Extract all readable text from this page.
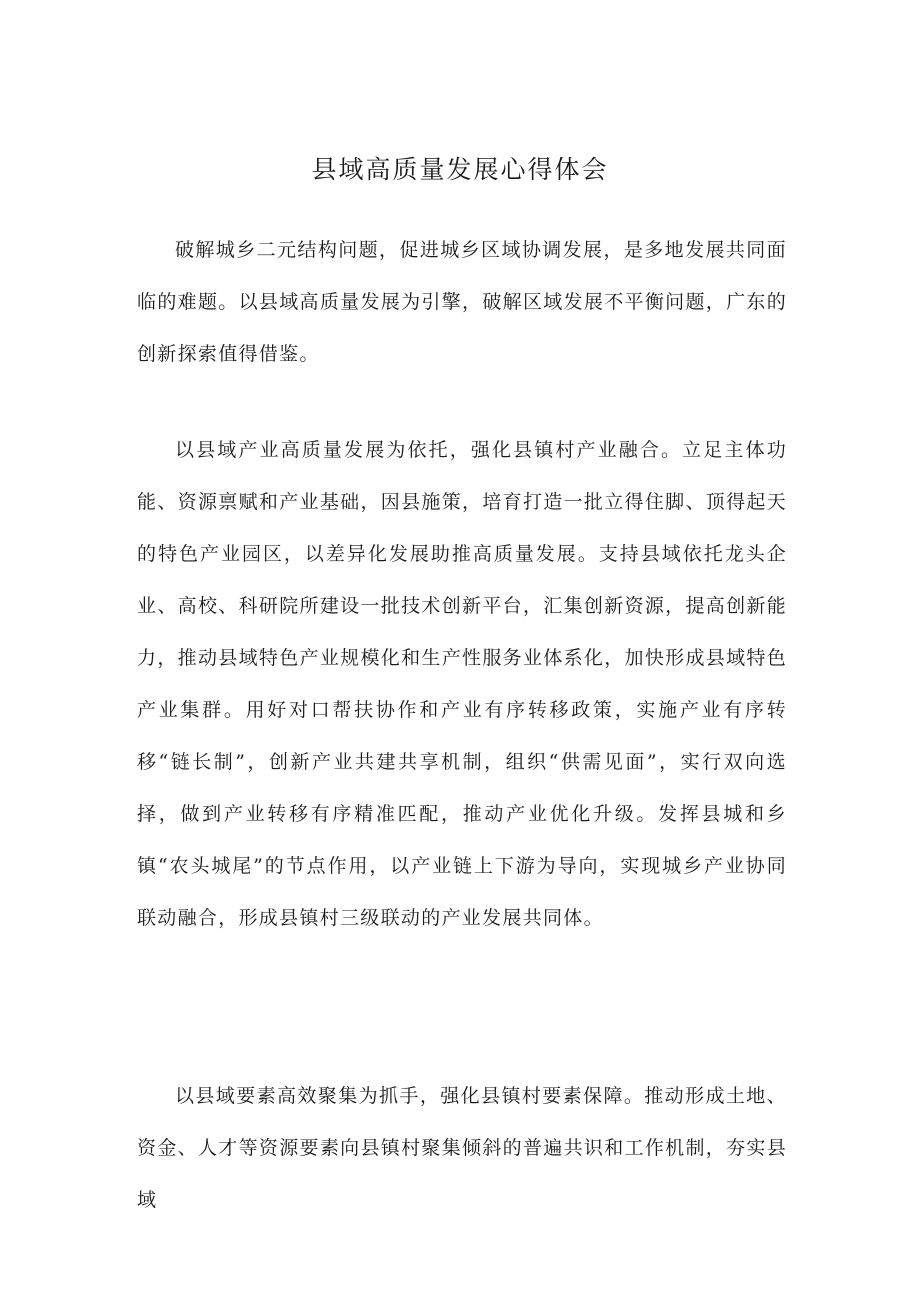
县域高质量发展心得体会

破解城乡二元结构问题，促进城乡区域协调发展，是多地发展共同面临的难题。以县域高质量发展为引擎，破解区域发展不平衡问题，广东的创新探索值得借鉴。

以县域产业高质量发展为依托，强化县镇村产业融合。立足主体功能、资源禀赋和产业基础，因县施策，培育打造一批立得住脚、顶得起天的特色产业园区，以差异化发展助推高质量发展。支持县域依托龙头企业、高校、科研院所建设一批技术创新平台，汇集创新资源，提高创新能力，推动县域特色产业规模化和生产性服务业体系化，加快形成县域特色产业集群。用好对口帮扶协作和产业有序转移政策，实施产业有序转移“链长制”，创新产业共建共享机制，组织“供需见面”，实行双向选择，做到产业转移有序精准匹配，推动产业优化升级。发挥县城和乡镇“农头城尾”的节点作用，以产业链上下游为导向，实现城乡产业协同联动融合，形成县镇村三级联动的产业发展共同体。

以县域要素高效聚集为抓手，强化县镇村要素保障。推动形成土地、资金、人才等资源要素向县镇村聚集倾斜的普遍共识和工作机制，夯实县域
